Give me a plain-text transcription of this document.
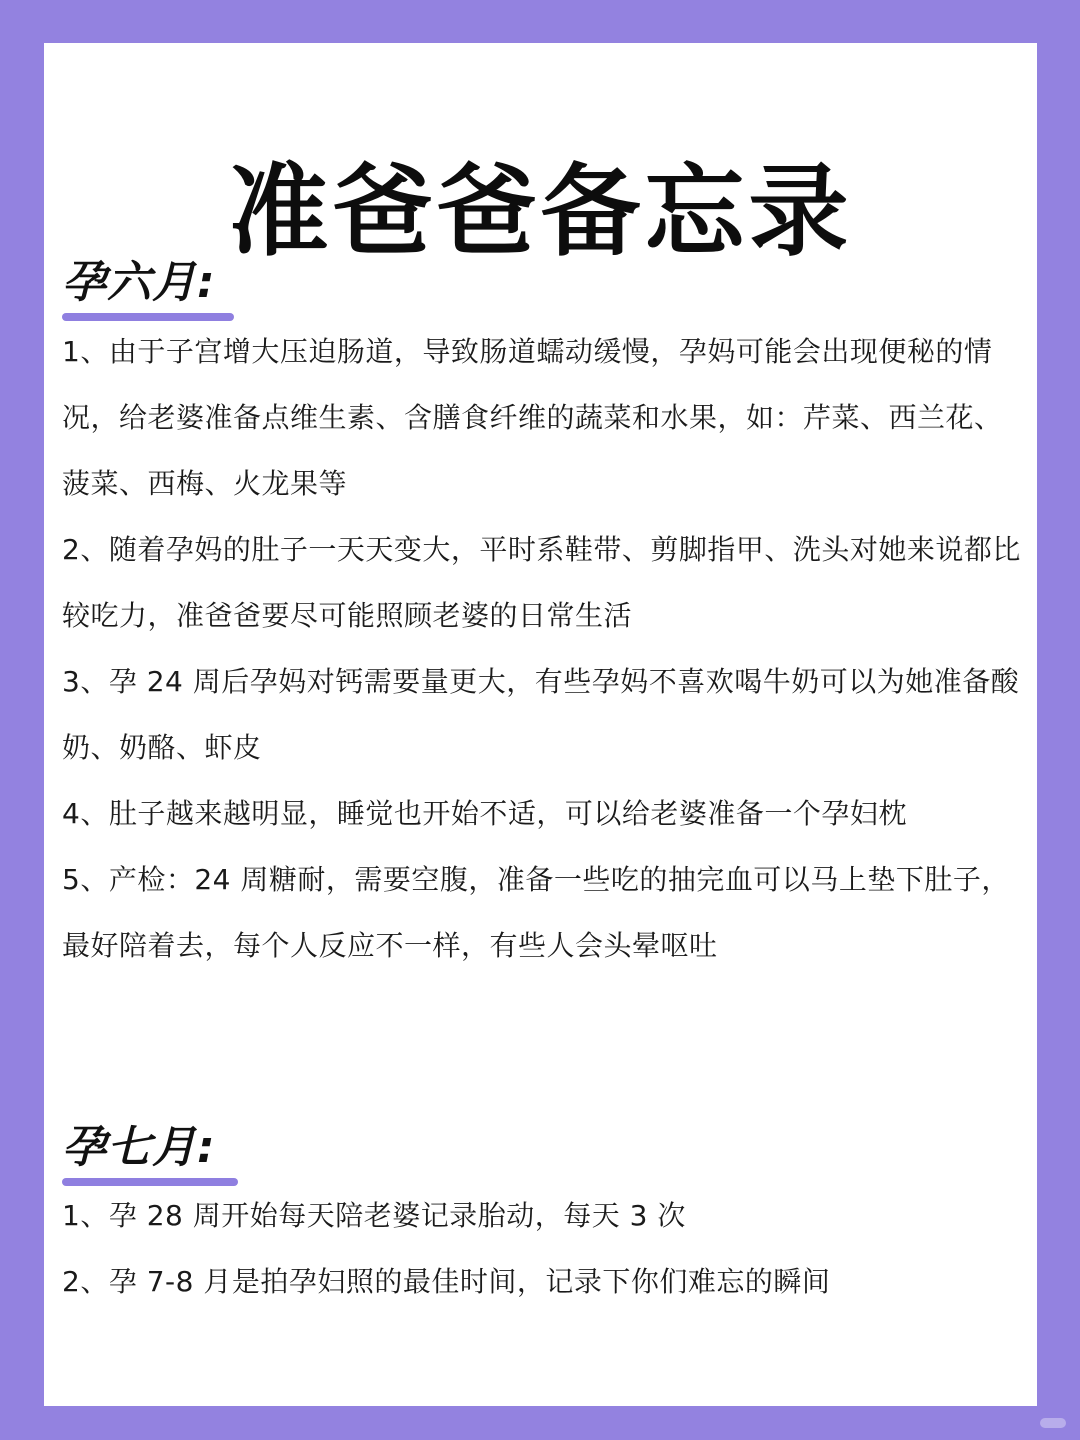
准爸爸备忘录
孕六月:
1、由于子宫增大压迫肠道，导致肠道蠕动缓慢，孕妈可能会出现便秘的情况，给老婆准备点维生素、含膳食纤维的蔬菜和水果，如：芹菜、西兰花、菠菜、西梅、火龙果等
2、随着孕妈的肚子一天天变大，平时系鞋带、剪脚指甲、洗头对她来说都比较吃力，准爸爸要尽可能照顾老婆的日常生活
3、孕 24 周后孕妈对钙需要量更大，有些孕妈不喜欢喝牛奶可以为她准备酸奶、奶酪、虾皮
4、肚子越来越明显，睡觉也开始不适，可以给老婆准备一个孕妇枕
5、产检：24 周糖耐，需要空腹，准备一些吃的抽完血可以马上垫下肚子，最好陪着去，每个人反应不一样，有些人会头晕呕吐
孕七月:
1、孕 28 周开始每天陪老婆记录胎动，每天 3 次
2、孕 7-8 月是拍孕妇照的最佳时间，记录下你们难忘的瞬间
